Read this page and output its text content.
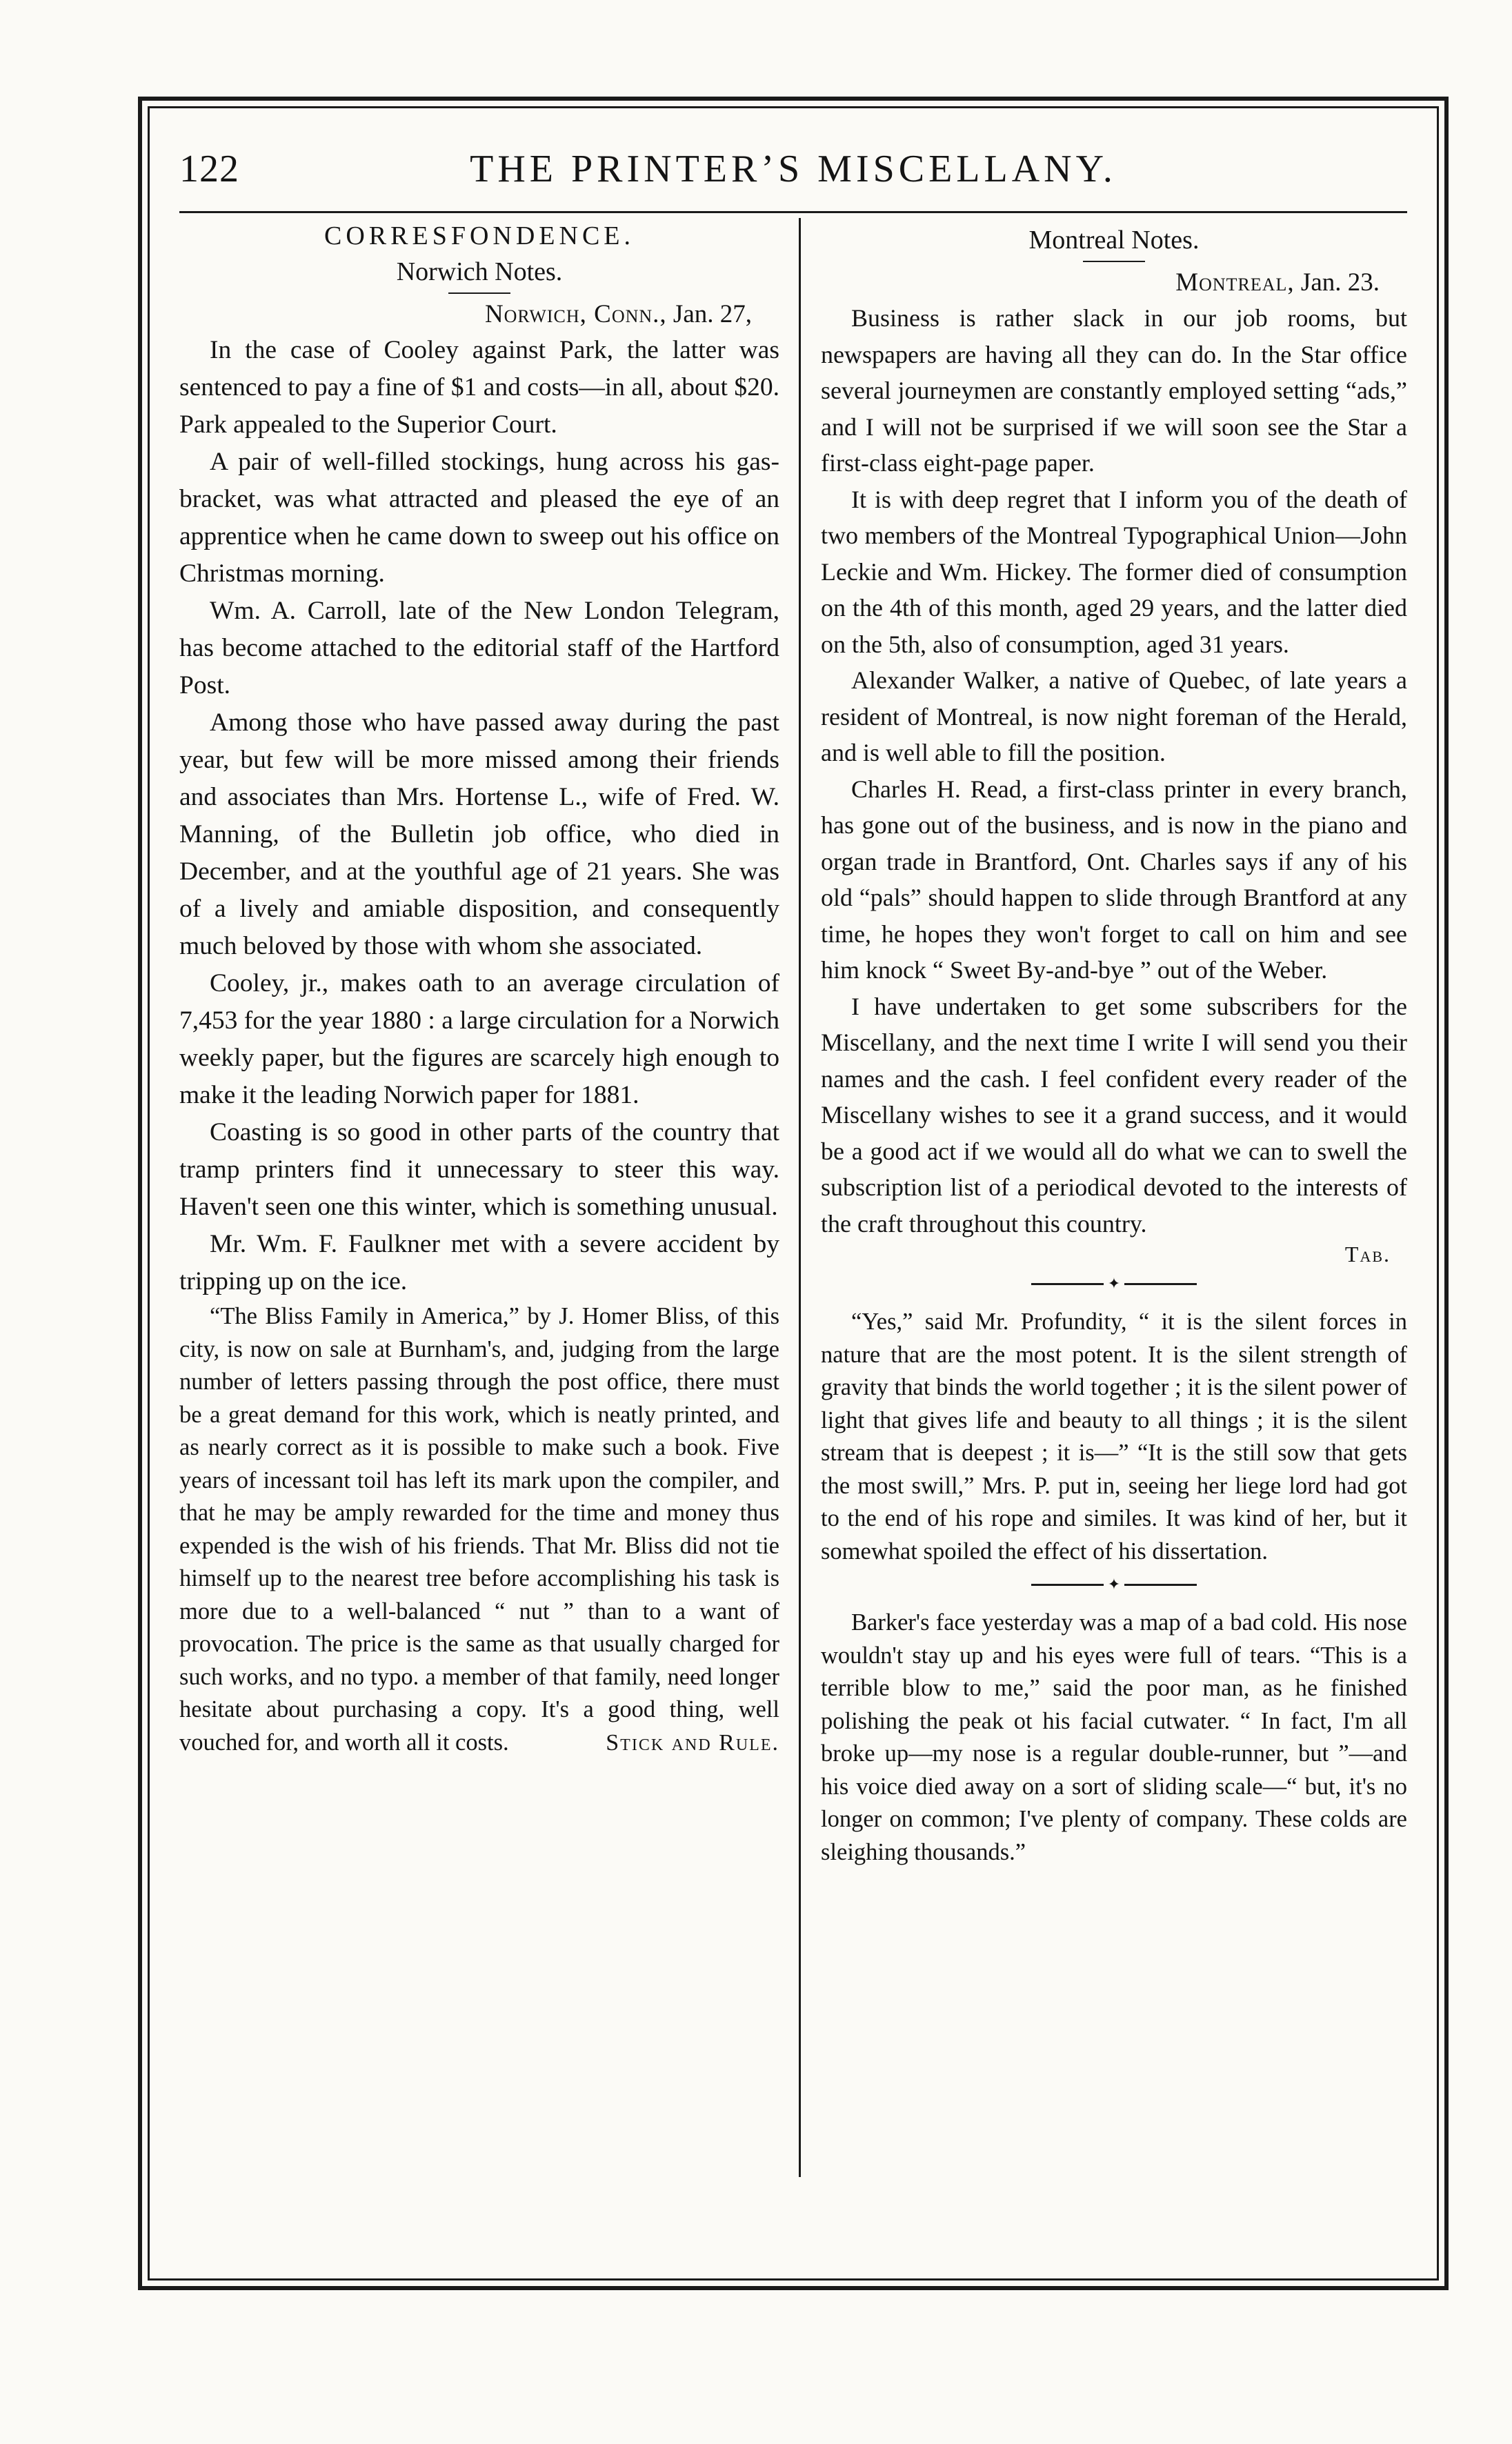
122	THE PRINTER’S MISCELLANY.
CORRESFONDENCE.
Norwich Notes.
Norwich, Conn., Jan. 27,

In the case of Cooley against Park, the latter was sentenced to pay a fine of $1 and costs—in all, about $20. Park appealed to the Superior Court.

A pair of well-filled stockings, hung across his gas-bracket, was what attracted and pleased the eye of an apprentice when he came down to sweep out his office on Christmas morning.

Wm. A. Carroll, late of the New London Telegram, has become attached to the editorial staff of the Hartford Post.

Among those who have passed away during the past year, but few will be more missed among their friends and associates than Mrs. Hortense L., wife of Fred. W. Manning, of the Bulletin job office, who died in December, and at the youthful age of 21 years. She was of a lively and amiable disposition, and consequently much beloved by those with whom she associated.

Cooley, jr., makes oath to an average circulation of 7,453 for the year 1880 : a large circulation for a Norwich weekly paper, but the figures are scarcely high enough to make it the leading Norwich paper for 1881.

Coasting is so good in other parts of the country that tramp printers find it unnecessary to steer this way. Haven't seen one this winter, which is something unusual.

Mr. Wm. F. Faulkner met with a severe accident by tripping up on the ice.

“The Bliss Family in America,” by J. Homer Bliss, of this city, is now on sale at Burnham's, and, judging from the large number of letters passing through the post office, there must be a great demand for this work, which is neatly printed, and as nearly correct as it is possible to make such a book. Five years of incessant toil has left its mark upon the compiler, and that he may be amply rewarded for the time and money thus expended is the wish of his friends. That Mr. Bliss did not tie himself up to the nearest tree before accomplishing his task is more due to a well-balanced “ nut ” than to a want of provocation. The price is the same as that usually charged for such works, and no typo. a member of that family, need longer hesitate about purchasing a copy. It's a good thing, well vouched for, and worth all it costs.	Stick and Rule.

Montreal Notes.
Montreal, Jan. 23.

Business is rather slack in our job rooms, but newspapers are having all they can do. In the Star office several journeymen are constantly employed setting “ads,” and I will not be surprised if we will soon see the Star a first-class eight-page paper.

It is with deep regret that I inform you of the death of two members of the Montreal Typographical Union—John Leckie and Wm. Hickey. The former died of consumption on the 4th of this month, aged 29 years, and the latter died on the 5th, also of consumption, aged 31 years.

Alexander Walker, a native of Quebec, of late years a resident of Montreal, is now night foreman of the Herald, and is well able to fill the position.

Charles H. Read, a first-class printer in every branch, has gone out of the business, and is now in the piano and organ trade in Brantford, Ont. Charles says if any of his old “pals” should happen to slide through Brantford at any time, he hopes they won't forget to call on him and see him knock “ Sweet By-and-bye ” out of the Weber.

I have undertaken to get some subscribers for the Miscellany, and the next time I write I will send you their names and the cash. I feel confident every reader of the Miscellany wishes to see it a grand success, and it would be a good act if we would all do what we can to swell the subscription list of a periodical devoted to the interests of the craft throughout this country.

Tab.
✦

“Yes,” said Mr. Profundity, “ it is the silent forces in nature that are the most potent. It is the silent strength of gravity that binds the world together ; it is the silent power of light that gives life and beauty to all things ; it is the silent stream that is deepest ; it is—” “It is the still sow that gets the most swill,” Mrs. P. put in, seeing her liege lord had got to the end of his rope and similes. It was kind of her, but it somewhat spoiled the effect of his dissertation.

✦

Barker's face yesterday was a map of a bad cold. His nose wouldn't stay up and his eyes were full of tears. “This is a terrible blow to me,” said the poor man, as he finished polishing the peak ot his facial cutwater. “ In fact, I'm all broke up—my nose is a regular double-runner, but ”—and his voice died away on a sort of sliding scale—“ but, it's no longer on common; I've plenty of company. These colds are sleighing thousands.”
